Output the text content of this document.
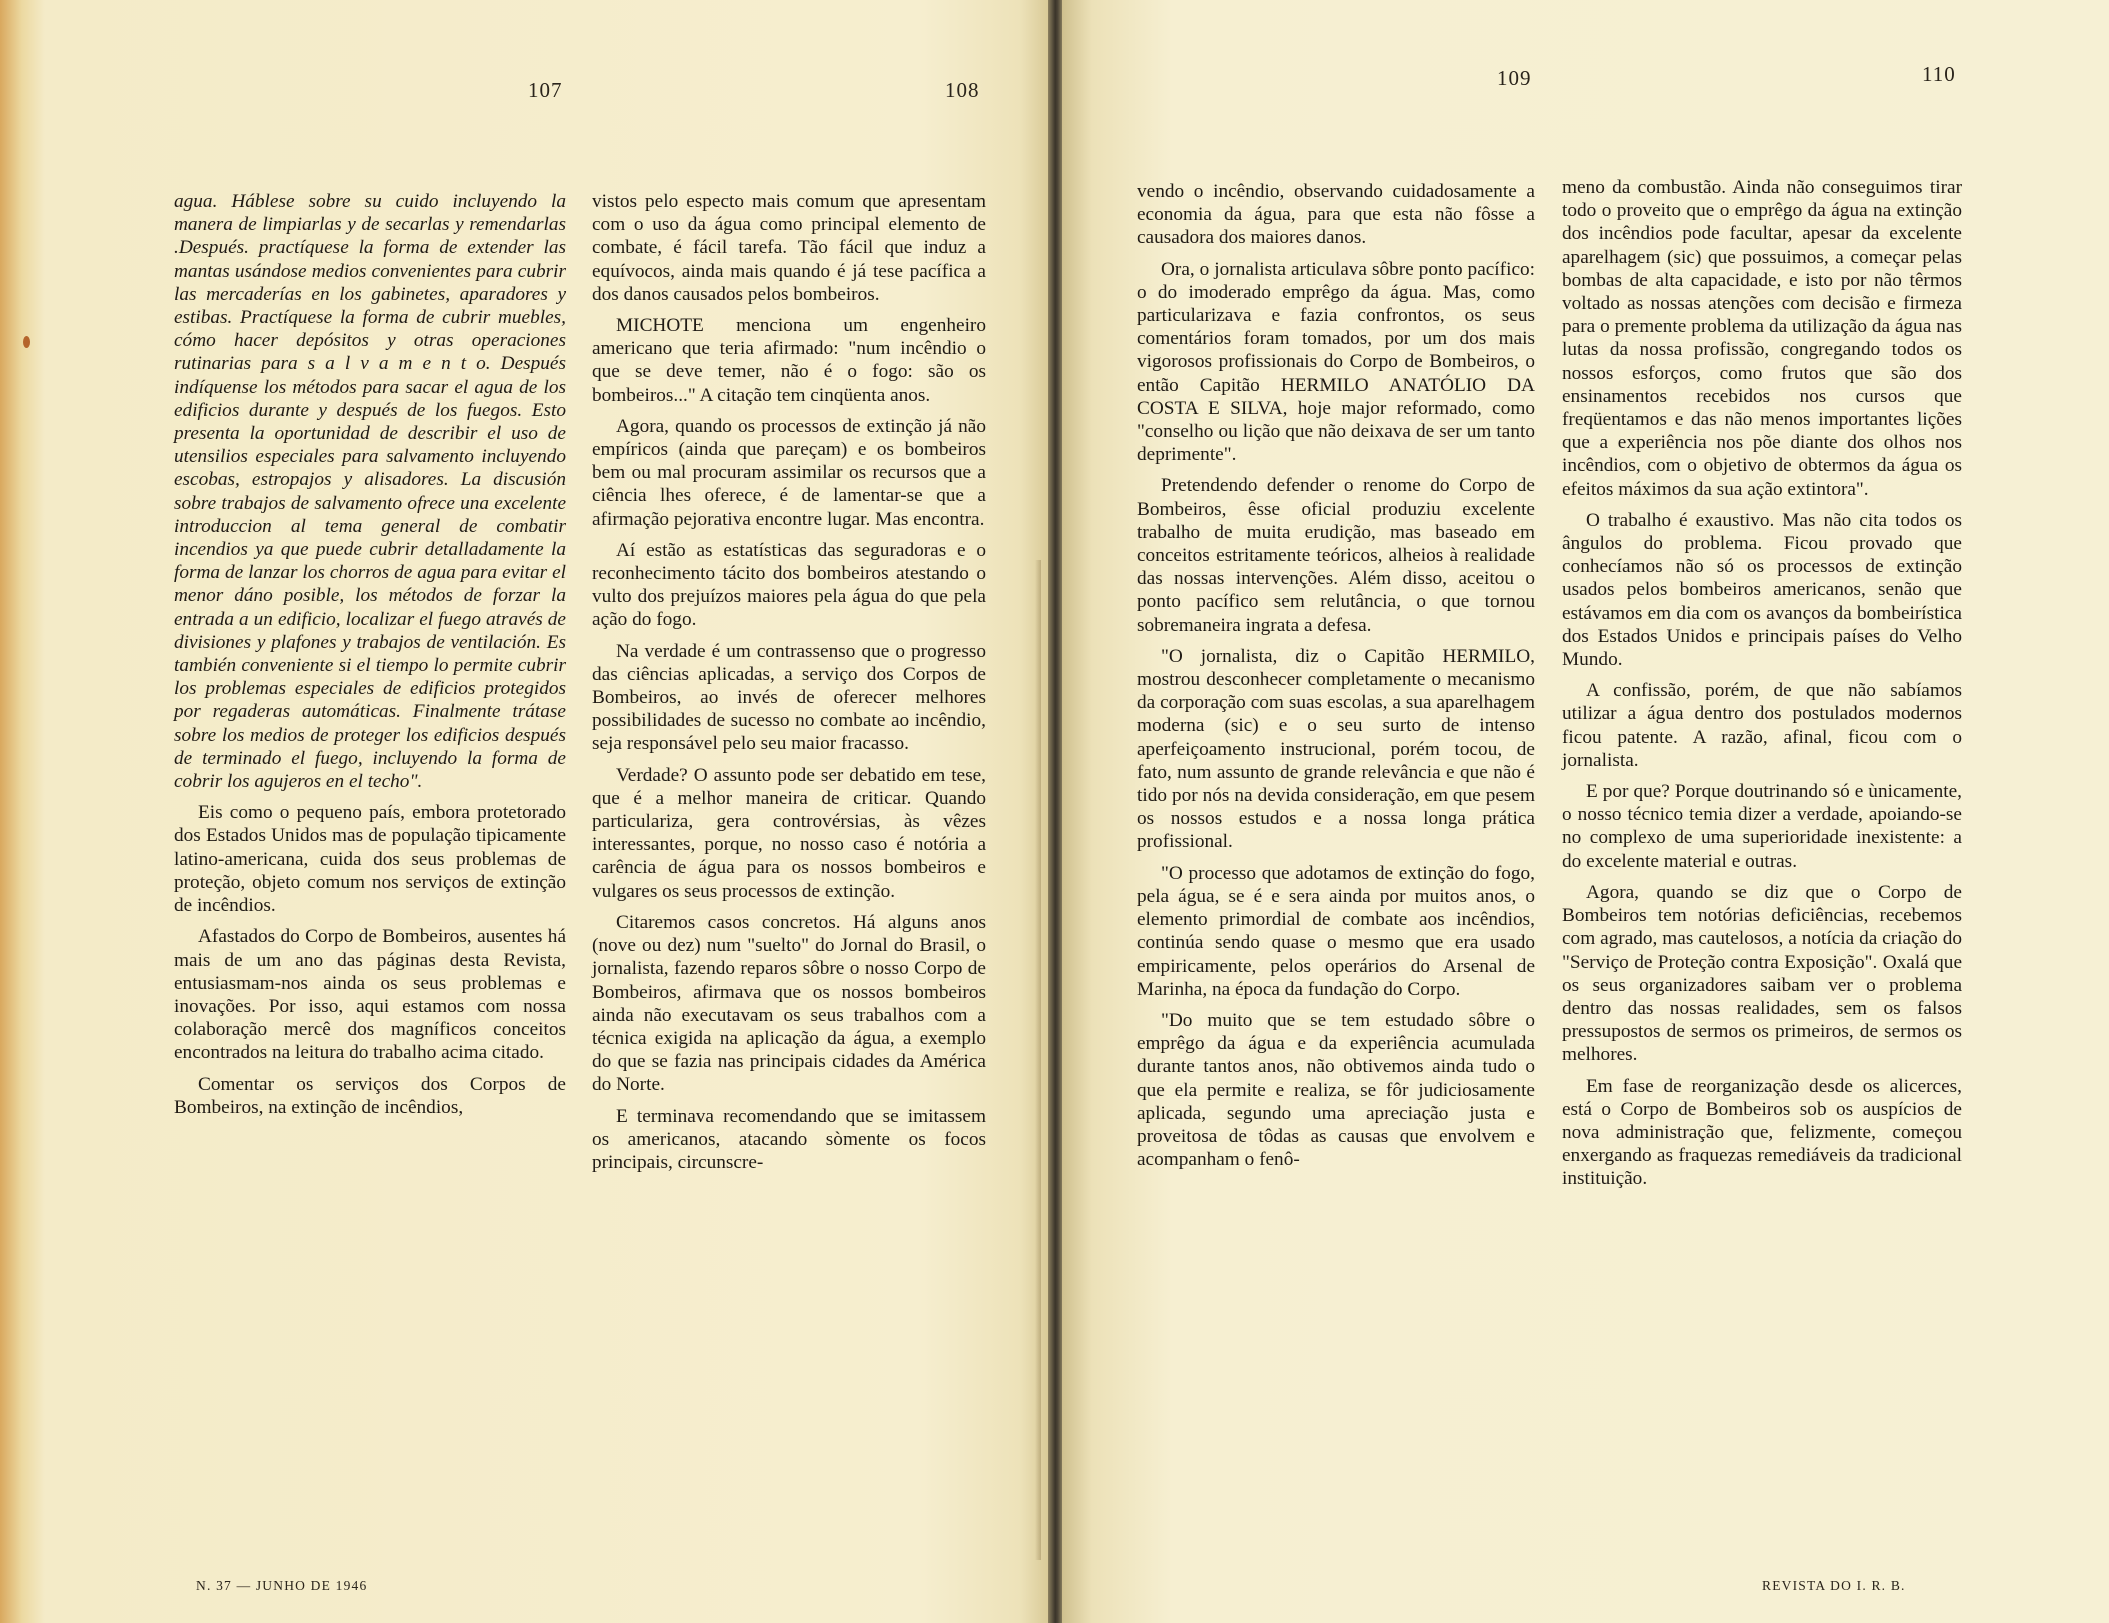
107	108

agua. Háblese sobre su cuido incluyendo la manera de limpiarlas y de secarlas y remendarlas .Después. practíquese la forma de extender las mantas usándose medios convenientes para cubrir las mercaderías en los gabinetes, aparadores y estibas. Practíquese la forma de cubrir muebles, cómo hacer depósitos y otras operaciones rutinarias para s a l v a m e n t o. Después indíquense los métodos para sacar el agua de los edificios durante y después de los fuegos. Esto presenta la oportunidad de describir el uso de utensilios especiales para salvamento incluyendo escobas, estropajos y alisadores. La discusión sobre trabajos de salvamento ofrece una excelente introduccion al tema general de combatir incendios ya que puede cubrir detalladamente la forma de lanzar los chorros de agua para evitar el menor dáno posible, los métodos de forzar la entrada a un edificio, localizar el fuego através de divisiones y plafones y trabajos de ventilación. Es también conveniente si el tiempo lo permite cubrir los problemas especiales de edificios protegidos por regaderas automáticas. Finalmente trátase sobre los medios de proteger los edificios después de terminado el fuego, incluyendo la forma de cobrir los agujeros en el techo".

Eis como o pequeno país, embora protetorado dos Estados Unidos mas de população tipicamente latino-americana, cuida dos seus problemas de proteção, objeto comum nos serviços de extinção de incêndios.

Afastados do Corpo de Bombeiros, ausentes há mais de um ano das páginas desta Revista, entusiasmam-nos ainda os seus problemas e inovações. Por isso, aqui estamos com nossa colaboração mercê dos magníficos conceitos encontrados na leitura do trabalho acima citado.

Comentar os serviços dos Corpos de Bombeiros, na extinção de incêndios,

vistos pelo especto mais comum que apresentam com o uso da água como principal elemento de combate, é fácil tarefa. Tão fácil que induz a equívocos, ainda mais quando é já tese pacífica a dos danos causados pelos bombeiros.

MICHOTE menciona um engenheiro americano que teria afirmado: "num incêndio o que se deve temer, não é o fogo: são os bombeiros..." A citação tem cinqüenta anos.

Agora, quando os processos de extinção já não empíricos (ainda que pareçam) e os bombeiros bem ou mal procuram assimilar os recursos que a ciência lhes oferece, é de lamentar-se que a afirmação pejorativa encontre lugar. Mas encontra.

Aí estão as estatísticas das seguradoras e o reconhecimento tácito dos bombeiros atestando o vulto dos prejuízos maiores pela água do que pela ação do fogo.

Na verdade é um contrassenso que o progresso das ciências aplicadas, a serviço dos Corpos de Bombeiros, ao invés de oferecer melhores possibilidades de sucesso no combate ao incêndio, seja responsável pelo seu maior fracasso.

Verdade? O assunto pode ser debatido em tese, que é a melhor maneira de criticar. Quando particulariza, gera controvérsias, às vêzes interessantes, porque, no nosso caso é notória a carência de água para os nossos bombeiros e vulgares os seus processos de extinção.

Citaremos casos concretos. Há alguns anos (nove ou dez) num "suelto" do Jornal do Brasil, o jornalista, fazendo reparos sôbre o nosso Corpo de Bombeiros, afirmava que os nossos bombeiros ainda não executavam os seus trabalhos com a técnica exigida na aplicação da água, a exemplo do que se fazia nas principais cidades da América do Norte.

E terminava recomendando que se imitassem os americanos, atacando sòmente os focos principais, circunscre-

N. 37 — JUNHO DE 1946
109	110

vendo o incêndio, observando cuidadosamente a economia da água, para que esta não fôsse a causadora dos maiores danos.

Ora, o jornalista articulava sôbre ponto pacífico: o do imoderado emprêgo da água. Mas, como particularizava e fazia confrontos, os seus comentários foram tomados, por um dos mais vigorosos profissionais do Corpo de Bombeiros, o então Capitão HERMILO ANATÓLIO DA COSTA E SILVA, hoje major reformado, como "conselho ou lição que não deixava de ser um tanto deprimente".

Pretendendo defender o renome do Corpo de Bombeiros, êsse oficial produziu excelente trabalho de muita erudição, mas baseado em conceitos estritamente teóricos, alheios à realidade das nossas intervenções. Além disso, aceitou o ponto pacífico sem relutância, o que tornou sobremaneira ingrata a defesa.

"O jornalista, diz o Capitão HERMILO, mostrou desconhecer completamente o mecanismo da corporação com suas escolas, a sua aparelhagem moderna (sic) e o seu surto de intenso aperfeiçoamento instrucional, porém tocou, de fato, num assunto de grande relevância e que não é tido por nós na devida consideração, em que pesem os nossos estudos e a nossa longa prática profissional.

"O processo que adotamos de extinção do fogo, pela água, se é e sera ainda por muitos anos, o elemento primordial de combate aos incêndios, continúa sendo quase o mesmo que era usado empiricamente, pelos operários do Arsenal de Marinha, na época da fundação do Corpo.

"Do muito que se tem estudado sôbre o emprêgo da água e da experiência acumulada durante tantos anos, não obtivemos ainda tudo o que ela permite e realiza, se fôr judiciosamente aplicada, segundo uma apreciação justa e proveitosa de tôdas as causas que envolvem e acompanham o fenô-

meno da combustão. Ainda não conseguimos tirar todo o proveito que o emprêgo da água na extinção dos incêndios pode facultar, apesar da excelente aparelhagem (sic) que possuimos, a começar pelas bombas de alta capacidade, e isto por não têrmos voltado as nossas atenções com decisão e firmeza para o premente problema da utilização da água nas lutas da nossa profissão, congregando todos os nossos esforços, como frutos que são dos ensinamentos recebidos nos cursos que freqüentamos e das não menos importantes lições que a experiência nos põe diante dos olhos nos incêndios, com o objetivo de obtermos da água os efeitos máximos da sua ação extintora".

O trabalho é exaustivo. Mas não cita todos os ângulos do problema. Ficou provado que conhecíamos não só os processos de extinção usados pelos bombeiros americanos, senão que estávamos em dia com os avanços da bombeirística dos Estados Unidos e principais países do Velho Mundo.

A confissão, porém, de que não sabíamos utilizar a água dentro dos postulados modernos ficou patente. A razão, afinal, ficou com o jornalista.

E por que? Porque doutrinando só e ùnicamente, o nosso técnico temia dizer a verdade, apoiando-se no complexo de uma superioridade inexistente: a do excelente material e outras.

Agora, quando se diz que o Corpo de Bombeiros tem notórias deficiências, recebemos com agrado, mas cautelosos, a notícia da criação do "Serviço de Proteção contra Exposição". Oxalá que os seus organizadores saibam ver o problema dentro das nossas realidades, sem os falsos pressupostos de sermos os primeiros, de sermos os melhores.

Em fase de reorganização desde os alicerces, está o Corpo de Bombeiros sob os auspícios de nova administração que, felizmente, começou enxergando as fraquezas remediáveis da tradicional instituição.

REVISTA DO I. R. B.
